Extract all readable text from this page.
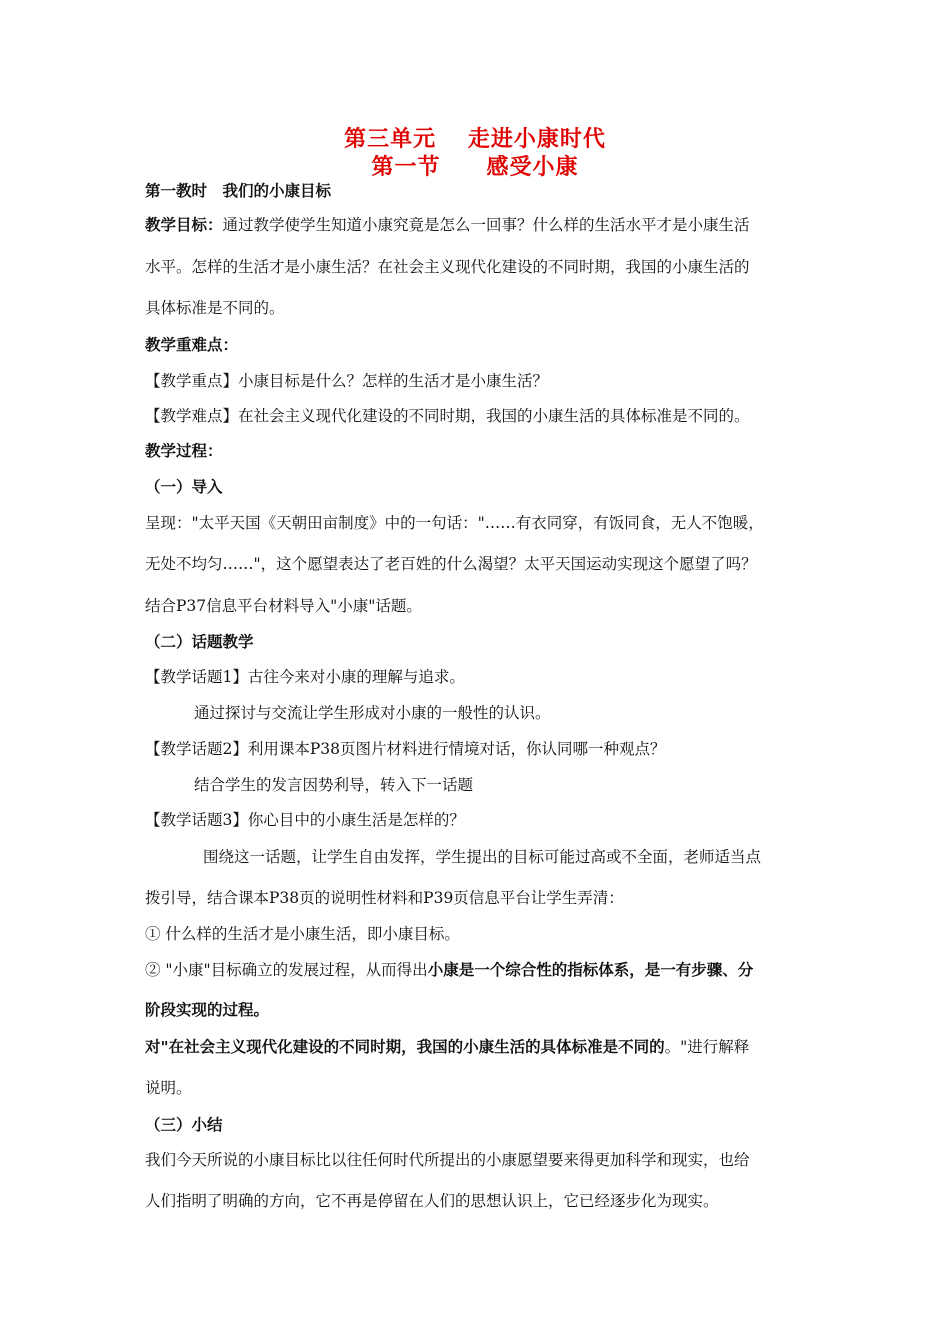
第三单元　 走进小康时代
第一节　　感受小康
第一教时　我们的小康目标
教学目标：通过教学使学生知道小康究竟是怎么一回事？什么样的生活水平才是小康生活
水平。怎样的生活才是小康生活？在社会主义现代化建设的不同时期，我国的小康生活的
具体标准是不同的。
教学重难点：
【教学重点】小康目标是什么？怎样的生活才是小康生活？
【教学难点】在社会主义现代化建设的不同时期，我国的小康生活的具体标准是不同的。
教学过程：
（一）导入
呈现："太平天国《天朝田亩制度》中的一句话："……有衣同穿，有饭同食，无人不饱暖，
无处不均匀……"，这个愿望表达了老百姓的什么渴望？太平天国运动实现这个愿望了吗？
结合P37信息平台材料导入"小康"话题。
（二）话题教学
【教学话题1】古往今来对小康的理解与追求。
通过探讨与交流让学生形成对小康的一般性的认识。
【教学话题2】利用课本P38页图片材料进行情境对话，你认同哪一种观点？
结合学生的发言因势利导，转入下一话题
【教学话题3】你心目中的小康生活是怎样的？
围绕这一话题，让学生自由发挥，学生提出的目标可能过高或不全面，老师适当点
拨引导，结合课本P38页的说明性材料和P39页信息平台让学生弄清：
① 什么样的生活才是小康生活，即小康目标。
② "小康"目标确立的发展过程，从而得出小康是一个综合性的指标体系，是一有步骤、分
阶段实现的过程。
对"在社会主义现代化建设的不同时期，我国的小康生活的具体标准是不同的。"进行解释
说明。
（三）小结
我们今天所说的小康目标比以往任何时代所提出的小康愿望要来得更加科学和现实，也给
人们指明了明确的方向，它不再是停留在人们的思想认识上，它已经逐步化为现实。
